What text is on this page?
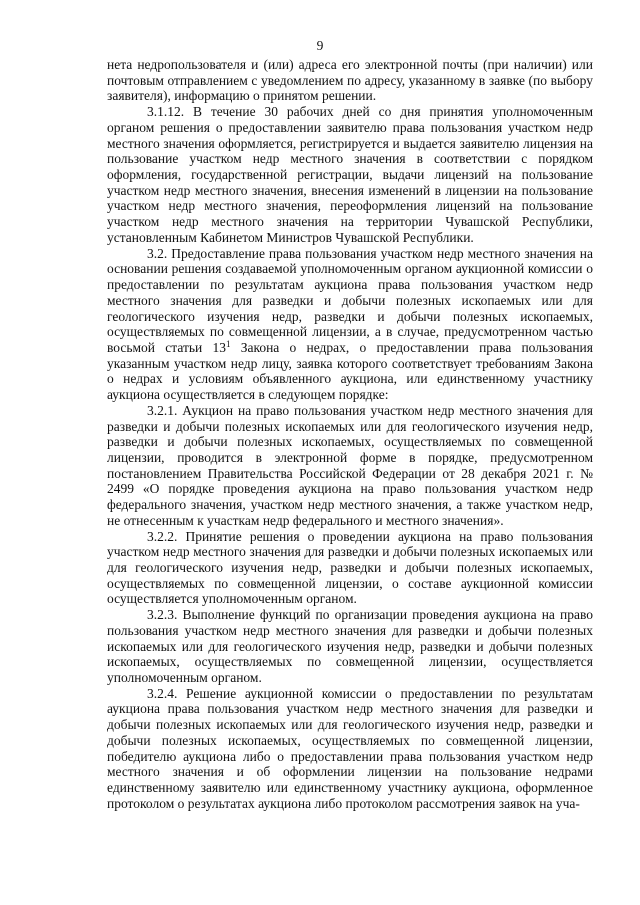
9

нета недропользователя и (или) адреса его электронной почты (при наличии) или почтовым отправлением с уведомлением по адресу, указанному в заявке (по выбору заявителя), информацию о принятом решении.

3.1.12. В течение 30 рабочих дней со дня принятия уполномоченным органом решения о предоставлении заявителю права пользования участком недр местного значения оформляется, регистрируется и выдается заявителю лицензия на пользование участком недр местного значения в соответствии с порядком оформления, государственной регистрации, выдачи лицензий на пользование участком недр местного значения, внесения изменений в лицензии на пользование участком недр местного значения, переоформления лицензий на пользование участком недр местного значения на территории Чувашской Республики, установленным Кабинетом Министров Чувашской Республики.

3.2. Предоставление права пользования участком недр местного значения на основании решения создаваемой уполномоченным органом аукционной комиссии о предоставлении по результатам аукциона права пользования участком недр местного значения для разведки и добычи полезных ископаемых или для геологического изучения недр, разведки и добычи полезных ископаемых, осуществляемых по совмещенной лицензии, а в случае, предусмотренном частью восьмой статьи $13^1$ Закона о недрах, о предоставлении права пользования указанным участком недр лицу, заявка которого соответствует требованиям Закона о недрах и условиям объявленного аукциона, или единственному участнику аукциона осуществляется в следующем порядке:

3.2.1. Аукцион на право пользования участком недр местного значения для разведки и добычи полезных ископаемых или для геологического изучения недр, разведки и добычи полезных ископаемых, осуществляемых по совмещенной лицензии, проводится в электронной форме в порядке, предусмотренном постановлением Правительства Российской Федерации от 28 декабря 2021 г. № 2499 «О порядке проведения аукциона на право пользования участком недр федерального значения, участком недр местного значения, а также участком недр, не отнесенным к участкам недр федерального и местного значения».

3.2.2. Принятие решения о проведении аукциона на право пользования участком недр местного значения для разведки и добычи полезных ископаемых или для геологического изучения недр, разведки и добычи полезных ископаемых, осуществляемых по совмещенной лицензии, о составе аукционной комиссии осуществляется уполномоченным органом.

3.2.3. Выполнение функций по организации проведения аукциона на право пользования участком недр местного значения для разведки и добычи полезных ископаемых или для геологического изучения недр, разведки и добычи полезных ископаемых, осуществляемых по совмещенной лицензии, осуществляется уполномоченным органом.

3.2.4. Решение аукционной комиссии о предоставлении по результатам аукциона права пользования участком недр местного значения для разведки и добычи полезных ископаемых или для геологического изучения недр, разведки и добычи полезных ископаемых, осуществляемых по совмещенной лицензии, победителю аукциона либо о предоставлении права пользования участком недр местного значения и об оформлении лицензии на пользование недрами единственному заявителю или единственному участнику аукциона, оформленное протоколом о результатах аукциона либо протоколом рассмотрения заявок на уча-
